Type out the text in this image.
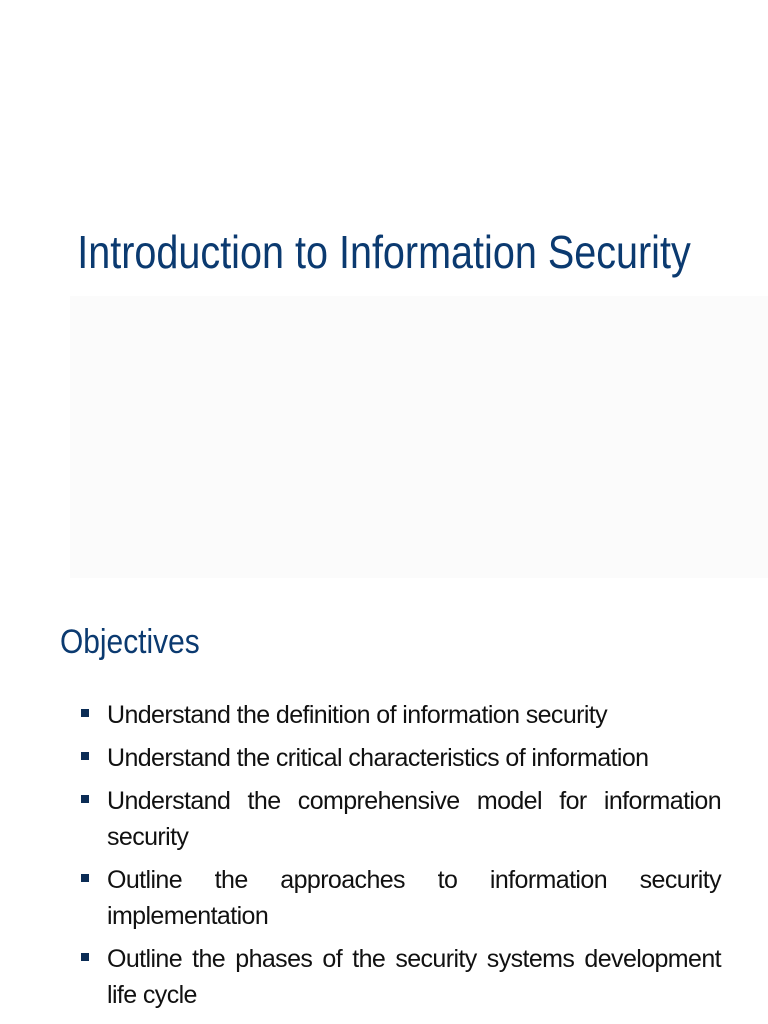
Introduction to Information Security
Objectives
Understand the definition of information security
Understand the critical characteristics of information
Understand the comprehensive model for information security
Outline the approaches to information security implementation
Outline the phases of the security systems development life cycle
